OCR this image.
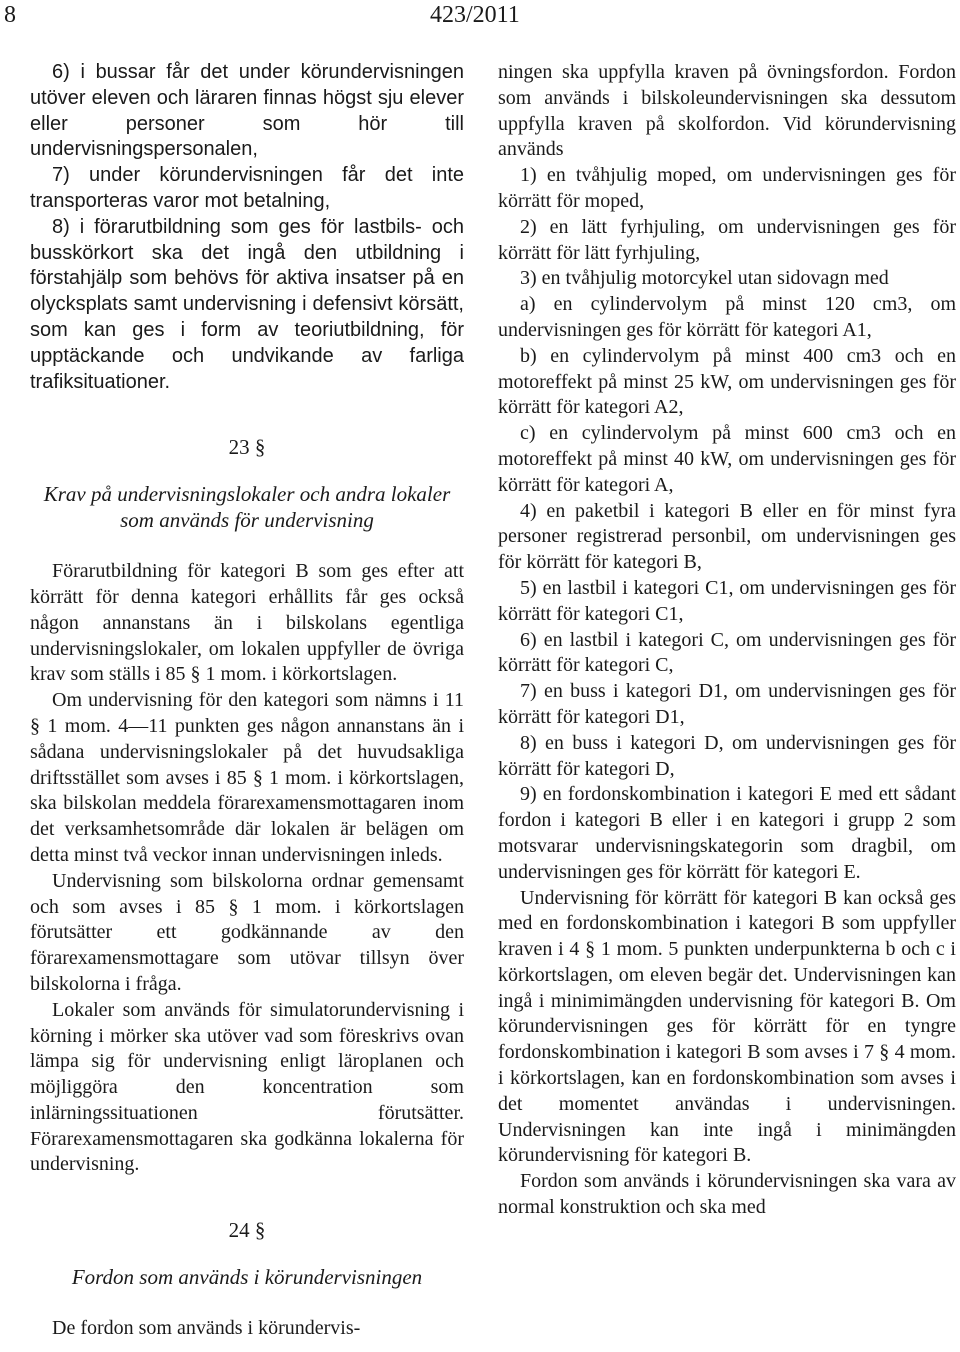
8	423/2011

6) i bussar får det under körundervisningen utöver eleven och läraren finnas högst sju elever eller personer som hör till undervisningspersonalen,

7) under körundervisningen får det inte transporteras varor mot betalning,

8) i förarutbildning som ges för lastbils- och busskörkort ska det ingå den utbildning i förstahjälp som behövs för aktiva insatser på en olycksplats samt undervisning i defensivt körsätt, som kan ges i form av teoriutbildning, för upptäckande och undvikande av farliga trafiksituationer.

23 §

Krav på undervisningslokaler och andra lokaler som används för undervisning

Förarutbildning för kategori B som ges efter att körrätt för denna kategori erhållits får ges också någon annanstans än i bilskolans egentliga undervisningslokaler, om lokalen uppfyller de övriga krav som ställs i 85 § 1 mom. i körkortslagen.

Om undervisning för den kategori som nämns i 11 § 1 mom. 4—11 punkten ges någon annanstans än i sådana undervisningslokaler på det huvudsakliga driftsstället som avses i 85 § 1 mom. i körkortslagen, ska bilskolan meddela förarexamensmottagaren inom det verksamhetsområde där lokalen är belägen om detta minst två veckor innan undervisningen inleds.

Undervisning som bilskolorna ordnar gemensamt och som avses i 85 § 1 mom. i körkortslagen förutsätter ett godkännande av den förarexamensmottagare som utövar tillsyn över bilskolorna i fråga.

Lokaler som används för simulatorundervisning i körning i mörker ska utöver vad som föreskrivs ovan lämpa sig för undervisning enligt läroplanen och möjliggöra den koncentration som inlärningssituationen förutsätter. Förarexamensmottagaren ska godkänna lokalerna för undervisning.

24 §

Fordon som används i körundervisningen

De fordon som används i körundervis-

ningen ska uppfylla kraven på övningsfordon. Fordon som används i bilskoleundervisningen ska dessutom uppfylla kraven på skolfordon. Vid körundervisning används

1) en tvåhjulig moped, om undervisningen ges för körrätt för moped,

2) en lätt fyrhjuling, om undervisningen ges för körrätt för lätt fyrhjuling,

3) en tvåhjulig motorcykel utan sidovagn med

a) en cylindervolym på minst 120 cm3, om undervisningen ges för körrätt för kategori A1,

b) en cylindervolym på minst 400 cm3 och en motoreffekt på minst 25 kW, om undervisningen ges för körrätt för kategori A2,

c) en cylindervolym på minst 600 cm3 och en motoreffekt på minst 40 kW, om undervisningen ges för körrätt för kategori A,

4) en paketbil i kategori B eller en för minst fyra personer registrerad personbil, om undervisningen ges för körrätt för kategori B,

5) en lastbil i kategori C1, om undervisningen ges för körrätt för kategori C1,

6) en lastbil i kategori C, om undervisningen ges för körrätt för kategori C,

7) en buss i kategori D1, om undervisningen ges för körrätt för kategori D1,

8) en buss i kategori D, om undervisningen ges för körrätt för kategori D,

9) en fordonskombination i kategori E med ett sådant fordon i kategori B eller i en kategori i grupp 2 som motsvarar undervisningskategorin som dragbil, om undervisningen ges för körrätt för kategori E.

Undervisning för körrätt för kategori B kan också ges med en fordonskombination i kategori B som uppfyller kraven i 4 § 1 mom. 5 punkten underpunkterna b och c i körkortslagen, om eleven begär det. Undervisningen kan ingå i minimimängden undervisning för kategori B. Om körundervisningen ges för körrätt för en tyngre fordonskombination i kategori B som avses i 7 § 4 mom. i körkortslagen, kan en fordonskombination som avses i det momentet användas i undervisningen. Undervisningen kan inte ingå i minimängden körundervisning för kategori B.

Fordon som används i körundervisningen ska vara av normal konstruktion och ska med
